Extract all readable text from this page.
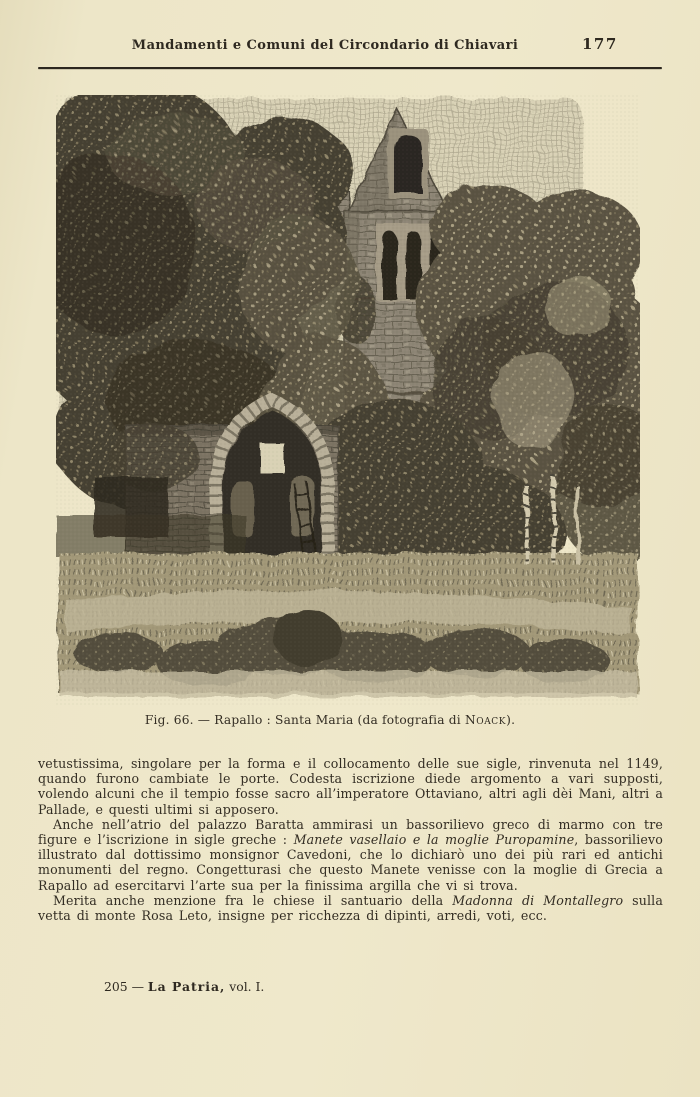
Mandamenti e Comuni del Circondario di Chiavari	177
Fig. 66. — Rapallo : Santa Maria (da fotografia di Noack).

vetustissima, singolare per la forma e il collocamento delle sue sigle, rinvenuta nel 1149, quando furono cambiate le porte. Codesta iscrizione diede argomento a vari supposti, volendo alcuni che il tempio fosse sacro all’imperatore Ottaviano, altri agli dèi Mani, altri a Pallade, e questi ultimi si apposero.

Anche nell’atrio del palazzo Baratta ammirasi un bassorilievo greco di marmo con tre figure e l’iscrizione in sigle greche : Manete vasellaio e la moglie Puropamine, bassorilievo illustrato dal dottissimo monsignor Cavedoni, che lo dichiarò uno dei più rari ed antichi monumenti del regno. Congetturasi che questo Manete venisse con la moglie di Grecia a Rapallo ad esercitarvi l’arte sua per la finissima argilla che vi si trova.

Merita anche menzione fra le chiese il santuario della Madonna di Montallegro sulla vetta di monte Rosa Leto, insigne per ricchezza di dipinti, arredi, voti, ecc.

205 — La Patria, vol. I.
